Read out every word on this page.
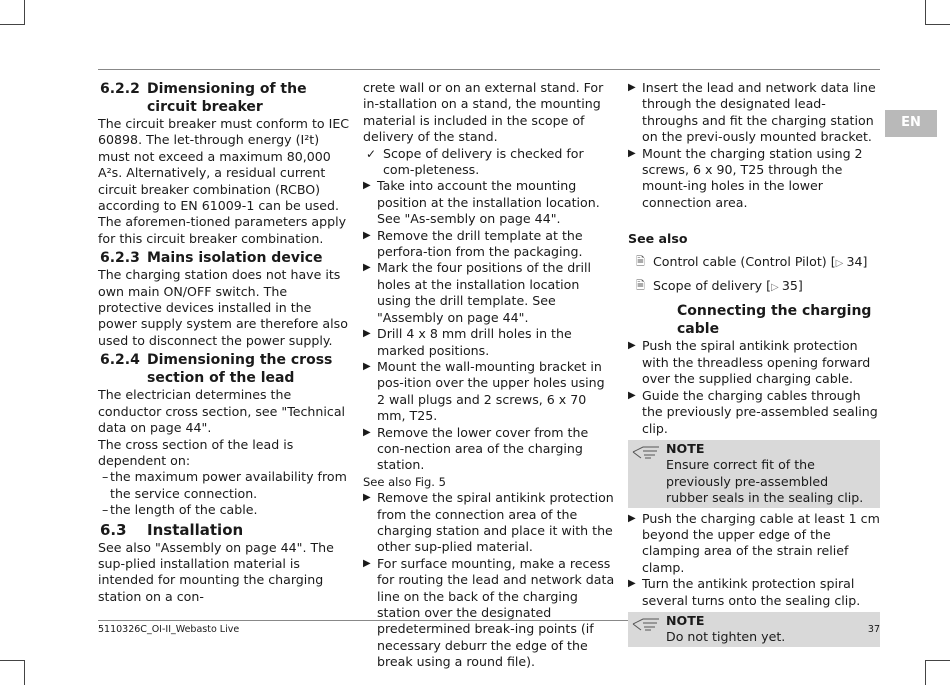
EN
6.2.2 Dimensioning of the circuit breaker

The circuit breaker must conform to IEC 60898. The let-through energy (I²t) must not exceed a maximum 80,000 A²s. Alternatively, a residual current circuit breaker combination (RCBO) according to EN 61009-1 can be used. The aforemen-tioned parameters apply for this circuit breaker combination.

6.2.3 Mains isolation device

The charging station does not have its own main ON/OFF switch. The protective devices installed in the power supply system are therefore also used to disconnect the power supply.

6.2.4 Dimensioning the cross section of the lead

The electrician determines the conductor cross section, see "Technical data on page 44".

The cross section of the lead is dependent on:

– the maximum power availability from the service connection.
– the length of the cable.
6.3	Installation

See also "Assembly on page 44". The sup-plied installation material is intended for mounting the charging station on a con-

crete wall or on an external stand. For in-stallation on a stand, the mounting material is included in the scope of delivery of the stand.

✓ Scope of delivery is checked for com-pleteness.
▶ Take into account the mounting position at the installation location. See "As-sembly on page 44".
▶ Remove the drill template at the perfora-tion from the packaging.
▶ Mark the four positions of the drill holes at the installation location using the drill template. See "Assembly on page 44".
▶ Drill 4 x 8 mm drill holes in the marked positions.
▶ Mount the wall-mounting bracket in pos-ition over the upper holes using 2 wall plugs and 2 screws, 6 x 70 mm, T25.
▶ Remove the lower cover from the con-nection area of the charging station.

See also Fig. 5

▶ Remove the spiral antikink protection from the connection area of the charging station and place it with the other sup-plied material.
▶ For surface mounting, make a recess for routing the lead and network data line on the back of the charging station over the designated predetermined break-ing points (if necessary deburr the edge of the break using a round file).
▶ Insert the lead and network data line through the designated lead-throughs and fit the charging station on the previ-ously mounted bracket.
▶ Mount the charging station using 2 screws, 6 x 90, T25 through the mount-ing holes in the lower connection area.

See also

🗎 Control cable (Control Pilot) [▷ 34]
🗎 Scope of delivery [▷ 35]
Connecting the charging cable
▶ Push the spiral antikink protection with the threadless opening forward over the supplied charging cable.
▶ Guide the charging cables through the previously pre-assembled sealing clip.
NOTE
Ensure correct fit of the previously pre-assembled rubber seals in the sealing clip.
▶ Push the charging cable at least 1 cm beyond the upper edge of the clamping area of the strain relief clamp.
▶ Turn the antikink protection spiral several turns onto the sealing clip.
NOTE
Do not tighten yet.
5110326C_OI-II_Webasto Live	37
